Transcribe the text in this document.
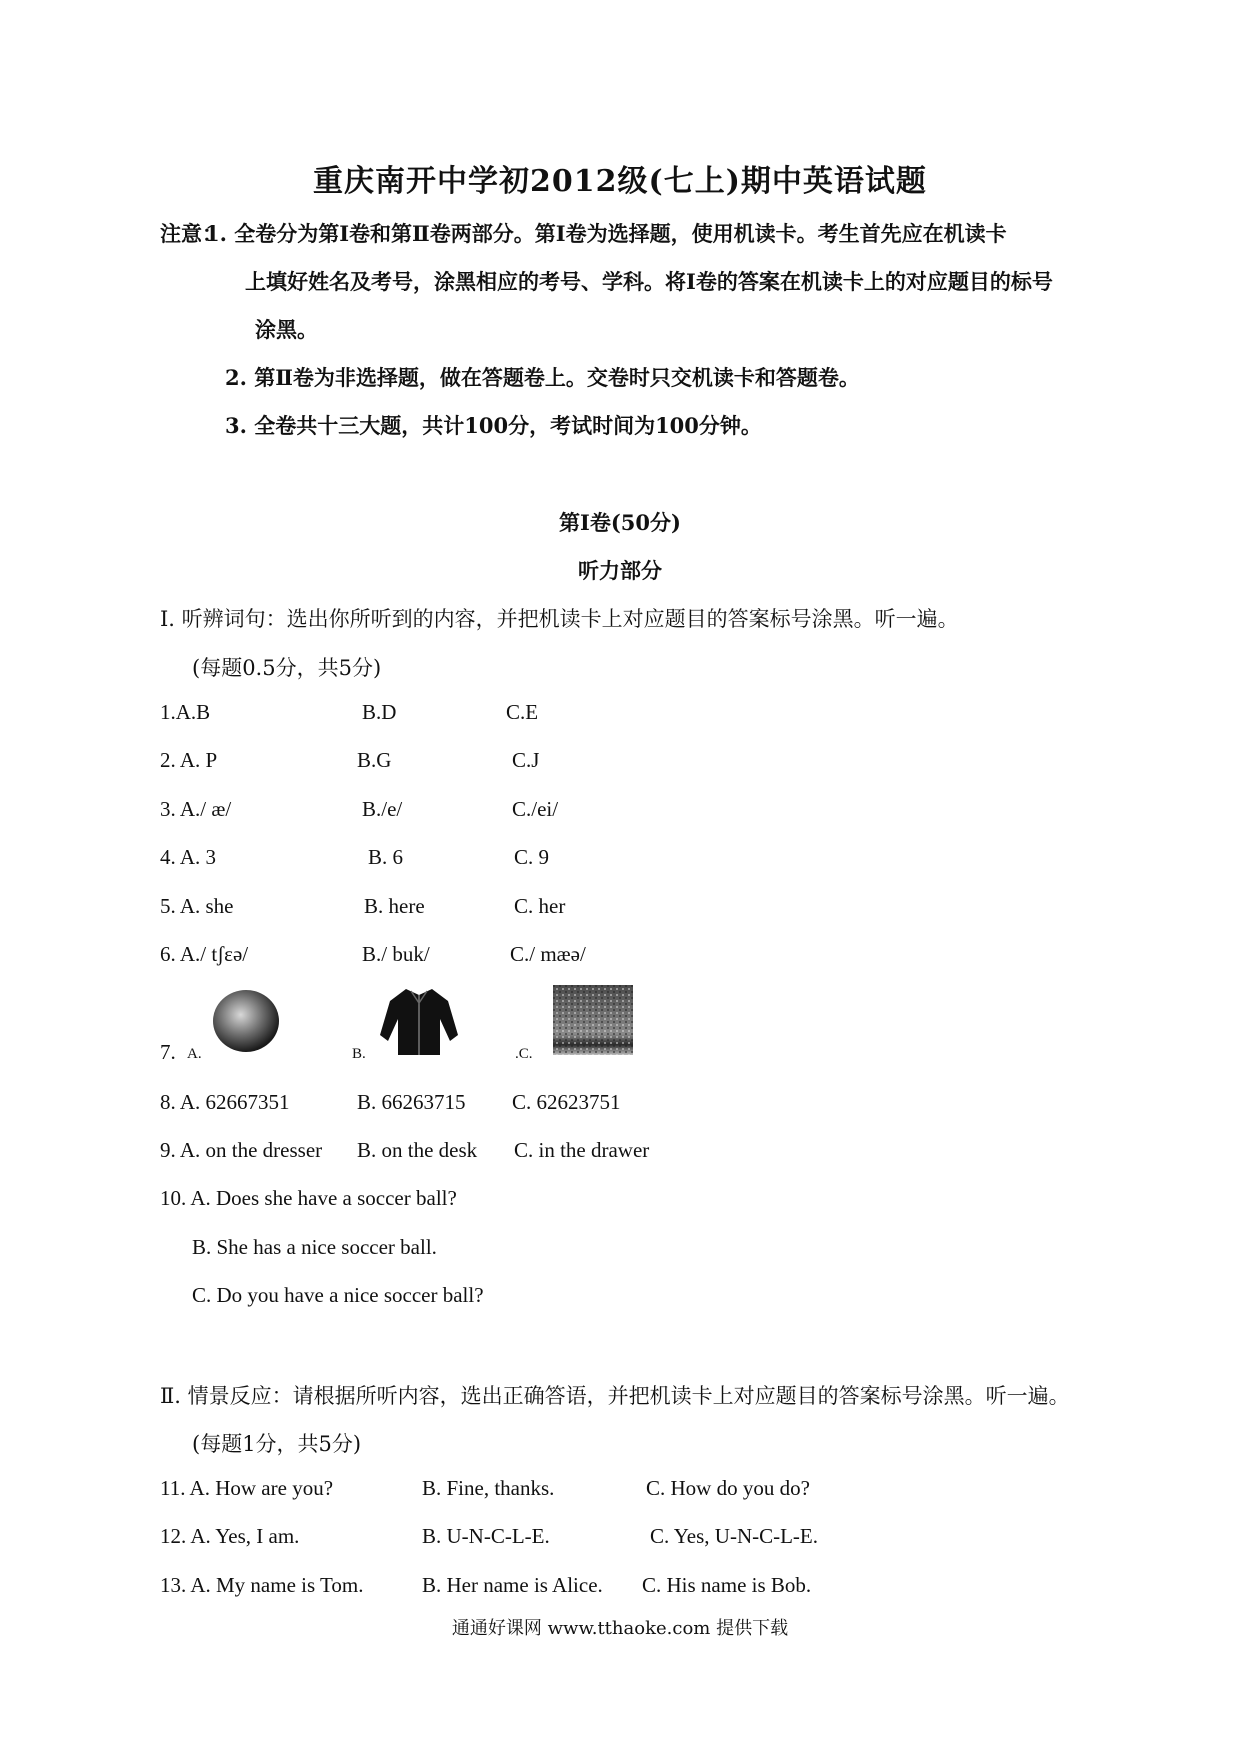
重庆南开中学初2012级(七上)期中英语试题
注意：
1. 全卷分为第Ⅰ卷和第Ⅱ卷两部分。第Ⅰ卷为选择题，使用机读卡。考生首先应在机读卡
上填好姓名及考号，涂黑相应的考号、学科。将Ⅰ卷的答案在机读卡上的对应题目的标号
涂黑。
2. 第Ⅱ卷为非选择题，做在答题卷上。交卷时只交机读卡和答题卷。
3. 全卷共十三大题，共计100分，考试时间为100分钟。
第Ⅰ卷(50分)
听力部分
I. 听辨词句：选出你所听到的内容，并把机读卡上对应题目的答案标号涂黑。听一遍。
(每题0.5分，共5分)
1.A.B	B.D	C.E
2. A. P	B.G	C.J
3. A./ æ/	B./e/	C./ei/
4. A. 3	B. 6	C. 9
5. A. she	B. here	C. her
6. A./ tʃεə/	B./ buk/	C./ mæə/
7. A.	B.	.C.
8. A. 62667351	B. 66263715 C. 62623751
9. A. on the dresser B. on the desk C. in the drawer
10. A. Does she have a soccer ball?
B. She has a nice soccer ball.
C. Do you have a nice soccer ball?
Ⅱ. 情景反应：请根据所听内容，选出正确答语，并把机读卡上对应题目的答案标号涂黑。听一遍。
(每题1分，共5分)
11. A. How are you?	B. Fine, thanks.	C. How do you do?
12. A. Yes, I am.	B. U-N-C-L-E.	C. Yes, U-N-C-L-E.
13. A. My name is Tom.	B. Her name is Alice. C. His name is Bob.
通通好课网 www.tthaoke.com 提供下载
